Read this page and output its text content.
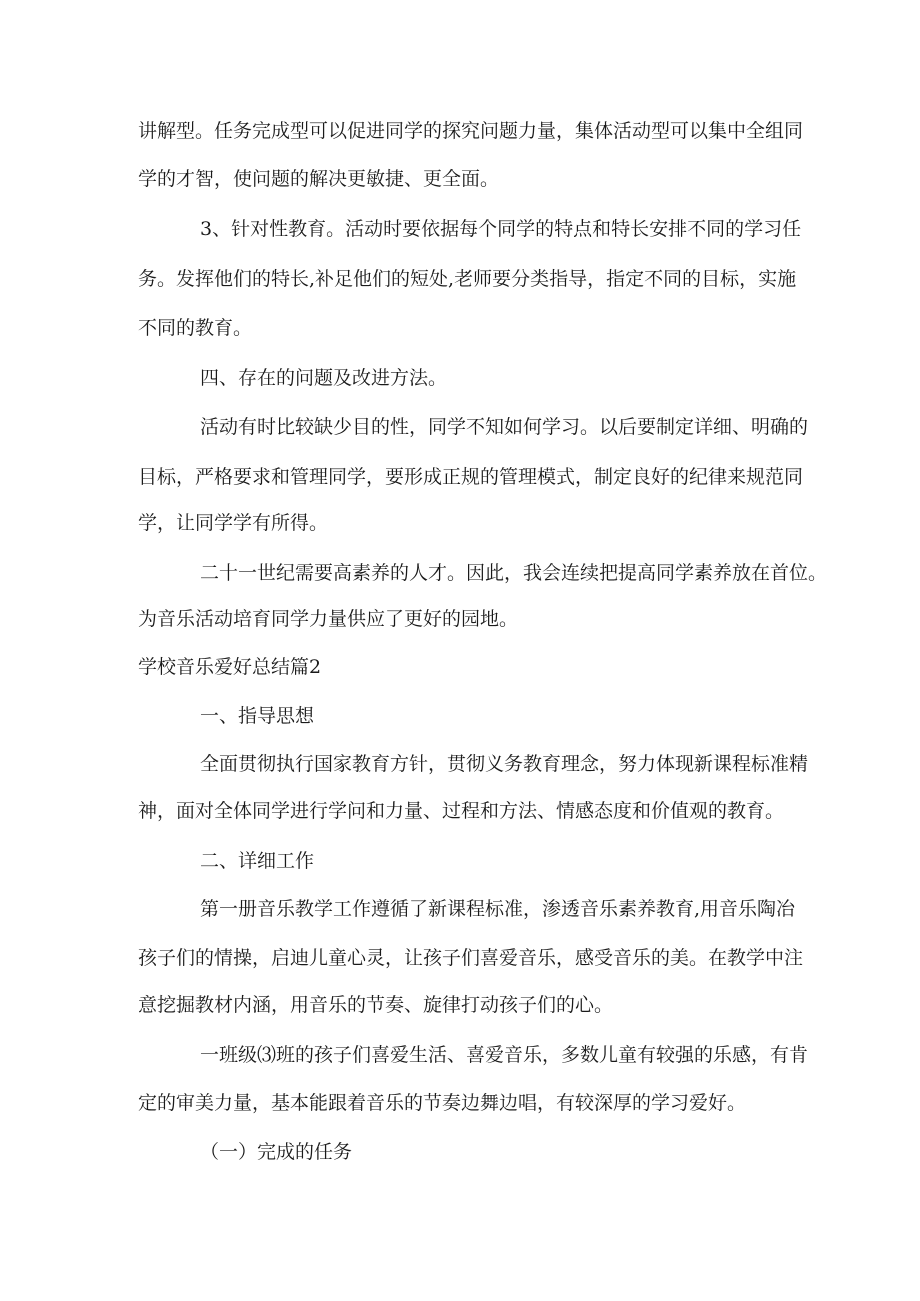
讲解型。任务完成型可以促进同学的探究问题力量，集体活动型可以集中全组同
学的才智，使问题的解决更敏捷、更全面。
3、针对性教育。活动时要依据每个同学的特点和特长安排不同的学习任
务。发挥他们的特长,补足他们的短处,老师要分类指导，指定不同的目标，实施
不同的教育。
四、存在的问题及改进方法。
活动有时比较缺少目的性，同学不知如何学习。以后要制定详细、明确的
目标，严格要求和管理同学，要形成正规的管理模式，制定良好的纪律来规范同
学，让同学学有所得。
二十一世纪需要高素养的人才。因此，我会连续把提高同学素养放在首位。
为音乐活动培育同学力量供应了更好的园地。
学校音乐爱好总结篇2
一、指导思想
全面贯彻执行国家教育方针，贯彻义务教育理念，努力体现新课程标准精
神，面对全体同学进行学问和力量、过程和方法、情感态度和价值观的教育。
二、详细工作
第一册音乐教学工作遵循了新课程标准，渗透音乐素养教育,用音乐陶冶
孩子们的情操，启迪儿童心灵，让孩子们喜爱音乐，感受音乐的美。在教学中注
意挖掘教材内涵，用音乐的节奏、旋律打动孩子们的心。
一班级⑶班的孩子们喜爱生活、喜爱音乐，多数儿童有较强的乐感，有肯
定的审美力量，基本能跟着音乐的节奏边舞边唱，有较深厚的学习爱好。
（一）完成的任务
